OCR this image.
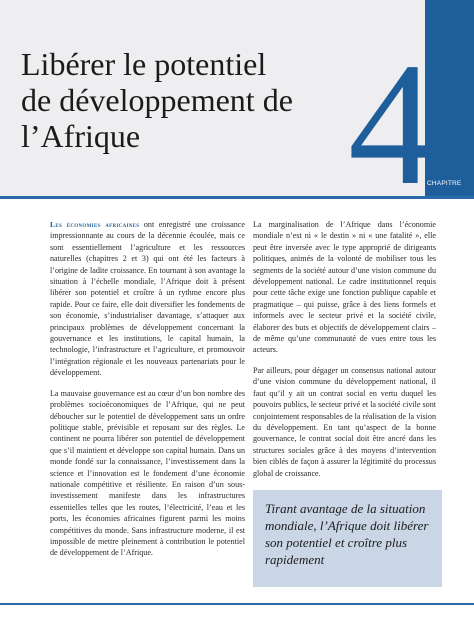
Libérer le potentiel
de développement de
l’Afrique	4
CHAPITRE

Les économies africaines ont enregistré une croissance impressionnante au cours de la décennie écoulée, mais ce sont essentiellement l’agriculture et les ressources naturelles (chapitres 2 et 3) qui ont été les facteurs à l’origine de ladite croissance. En tournant à son avantage la situation à l’échelle mondiale, l’Afrique doit à présent libérer son potentiel et croître à un rythme encore plus rapide. Pour ce faire, elle doit diversifier les fondements de son économie, s’industrialiser davantage, s’attaquer aux principaux problèmes de développement concernant la gouvernance et les institutions, le capital humain, la technologie, l’infrastructure et l’agriculture, et promouvoir l’intégration régionale et les nouveaux partenariats pour le développement.

La mauvaise gouvernance est au cœur d’un bon nombre des problèmes socioéconomiques de l’Afrique, qui ne peut déboucher sur le potentiel de développement sans un ordre politique stable, prévisible et reposant sur des règles. Le continent ne pourra libérer son potentiel de développement que s’il maintient et développe son capital humain. Dans un monde fondé sur la connaissance, l’investissement dans la science et l’innovation est le fondement d’une économie nationale compétitive et résiliente. En raison d’un sous-investissement manifeste dans les infrastructures essentielles telles que les routes, l’électricité, l’eau et les ports, les économies africaines figurent parmi les moins compétitives du monde. Sans infrastructure moderne, il est impossible de mettre pleinement à contribution le potentiel de développement de l’Afrique.

La marginalisation de l’Afrique dans l’économie mondiale n’est ni « le destin » ni « une fatalité », elle peut être inversée avec le type approprié de dirigeants politiques, animés de la volonté de mobiliser tous les segments de la société autour d’une vision commune du développement national. Le cadre institutionnel requis pour cette tâche exige une fonction publique capable et pragmatique – qui puisse, grâce à des liens formels et informels avec le secteur privé et la société civile, élaborer des buts et objectifs de développement clairs – de même qu’une communauté de vues entre tous les acteurs.

Par ailleurs, pour dégager un consensus national autour d’une vision commune du développement national, il faut qu’il y ait un contrat social en vertu duquel les pouvoirs publics, le secteur privé et la société civile sont conjointement responsables de la réalisation de la vision du développement. En tant qu’aspect de la bonne gouvernance, le contrat social doit être ancré dans les structures sociales grâce à des moyens d’intervention bien ciblés de façon à assurer la légitimité du processus global de croissance.

Tirant avantage de la situation mondiale, l’Afrique doit libérer son potentiel et croître plus rapidement
